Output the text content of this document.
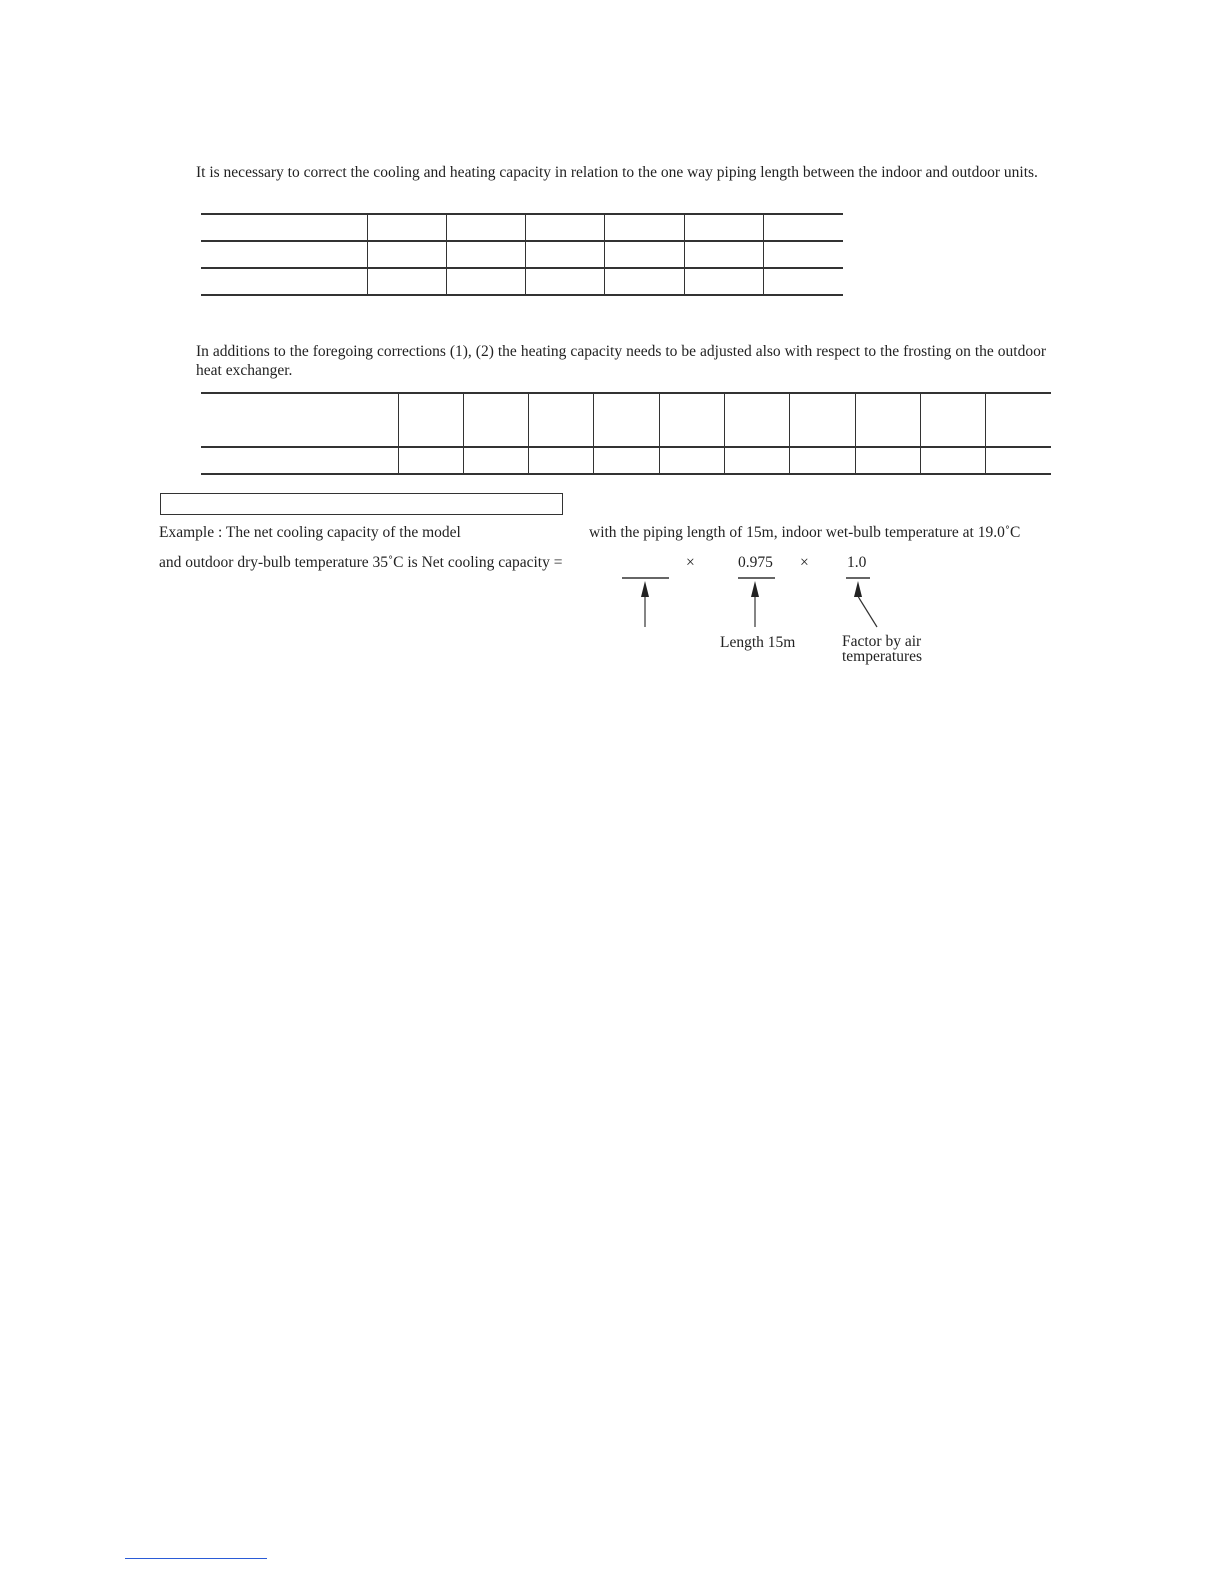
It is necessary to correct the cooling and heating capacity in relation to the one way piping length between the indoor and outdoor units.

In additions to the foregoing corrections (1), (2) the heating capacity needs to be adjusted also with respect to the frosting on the outdoor heat exchanger.

Example : The net cooling capacity of the model	with the piping length of 15m, indoor wet-bulb temperature at 19.0˚C
and outdoor dry-bulb temperature 35˚C is Net cooling capacity =	×	0.975 × 1.0
Length 15m	Factor by air temperatures
